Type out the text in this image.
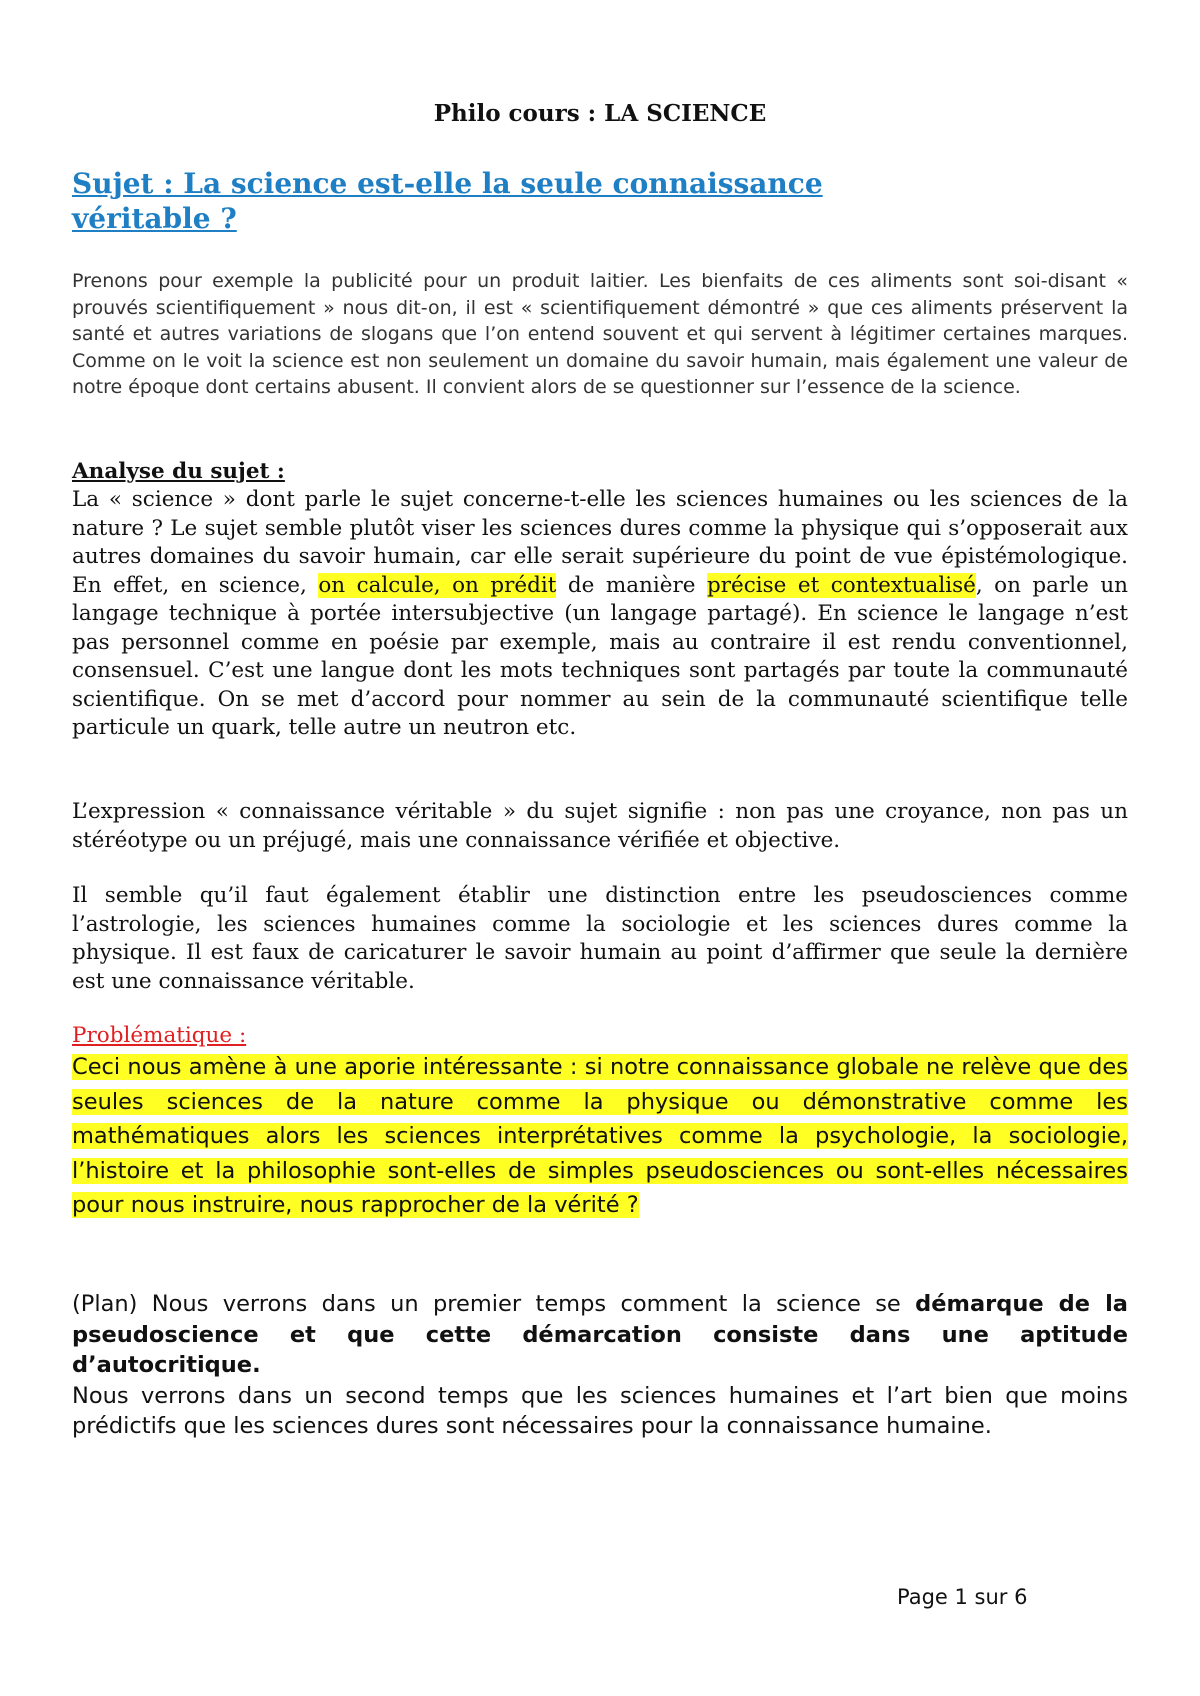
Philo cours : LA SCIENCE
Sujet : La science est-elle la seule connaissance
véritable ?

Prenons pour exemple la publicité pour un produit laitier. Les bienfaits de ces aliments sont soi-disant « prouvés scientifiquement » nous dit-on, il est « scientifiquement démontré » que ces aliments préservent la santé et autres variations de slogans que l’on entend souvent et qui servent à légitimer certaines marques. Comme on le voit la science est non seulement un domaine du savoir humain, mais également une valeur de notre époque dont certains abusent. Il convient alors de se questionner sur l’essence de la science.

Analyse du sujet :

La « science » dont parle le sujet concerne-t-elle les sciences humaines ou les sciences de la nature ? Le sujet semble plutôt viser les sciences dures comme la physique qui s’opposerait aux autres domaines du savoir humain, car elle serait supérieure du point de vue épistémologique. En effet, en science, on calcule, on prédit de manière précise et contextualisé, on parle un langage technique à portée intersubjective (un langage partagé). En science le langage n’est pas personnel comme en poésie par exemple, mais au contraire il est rendu conventionnel, consensuel. C’est une langue dont les mots techniques sont partagés par toute la communauté scientifique. On se met d’accord pour nommer au sein de la communauté scientifique telle particule un quark, telle autre un neutron etc.

L’expression « connaissance véritable » du sujet signifie : non pas une croyance, non pas un stéréotype ou un préjugé, mais une connaissance vérifiée et objective.

Il semble qu’il faut également établir une distinction entre les pseudosciences comme l’astrologie, les sciences humaines comme la sociologie et les sciences dures comme la physique. Il est faux de caricaturer le savoir humain au point d’affirmer que seule la dernière est une connaissance véritable.

Problématique :

Ceci nous amène à une aporie intéressante : si notre connaissance globale ne relève que des seules sciences de la nature comme la physique ou démonstrative comme les mathématiques alors les sciences interprétatives comme la psychologie, la sociologie, l’histoire et la philosophie sont-elles de simples pseudosciences ou sont-elles nécessaires pour nous instruire, nous rapprocher de la vérité ?

(Plan) Nous verrons dans un premier temps comment la science se démarque de la pseudoscience et que cette démarcation consiste dans une aptitude d’autocritique.
Nous verrons dans un second temps que les sciences humaines et l’art bien que moins prédictifs que les sciences dures sont nécessaires pour la connaissance humaine.

Page 1 sur 6
